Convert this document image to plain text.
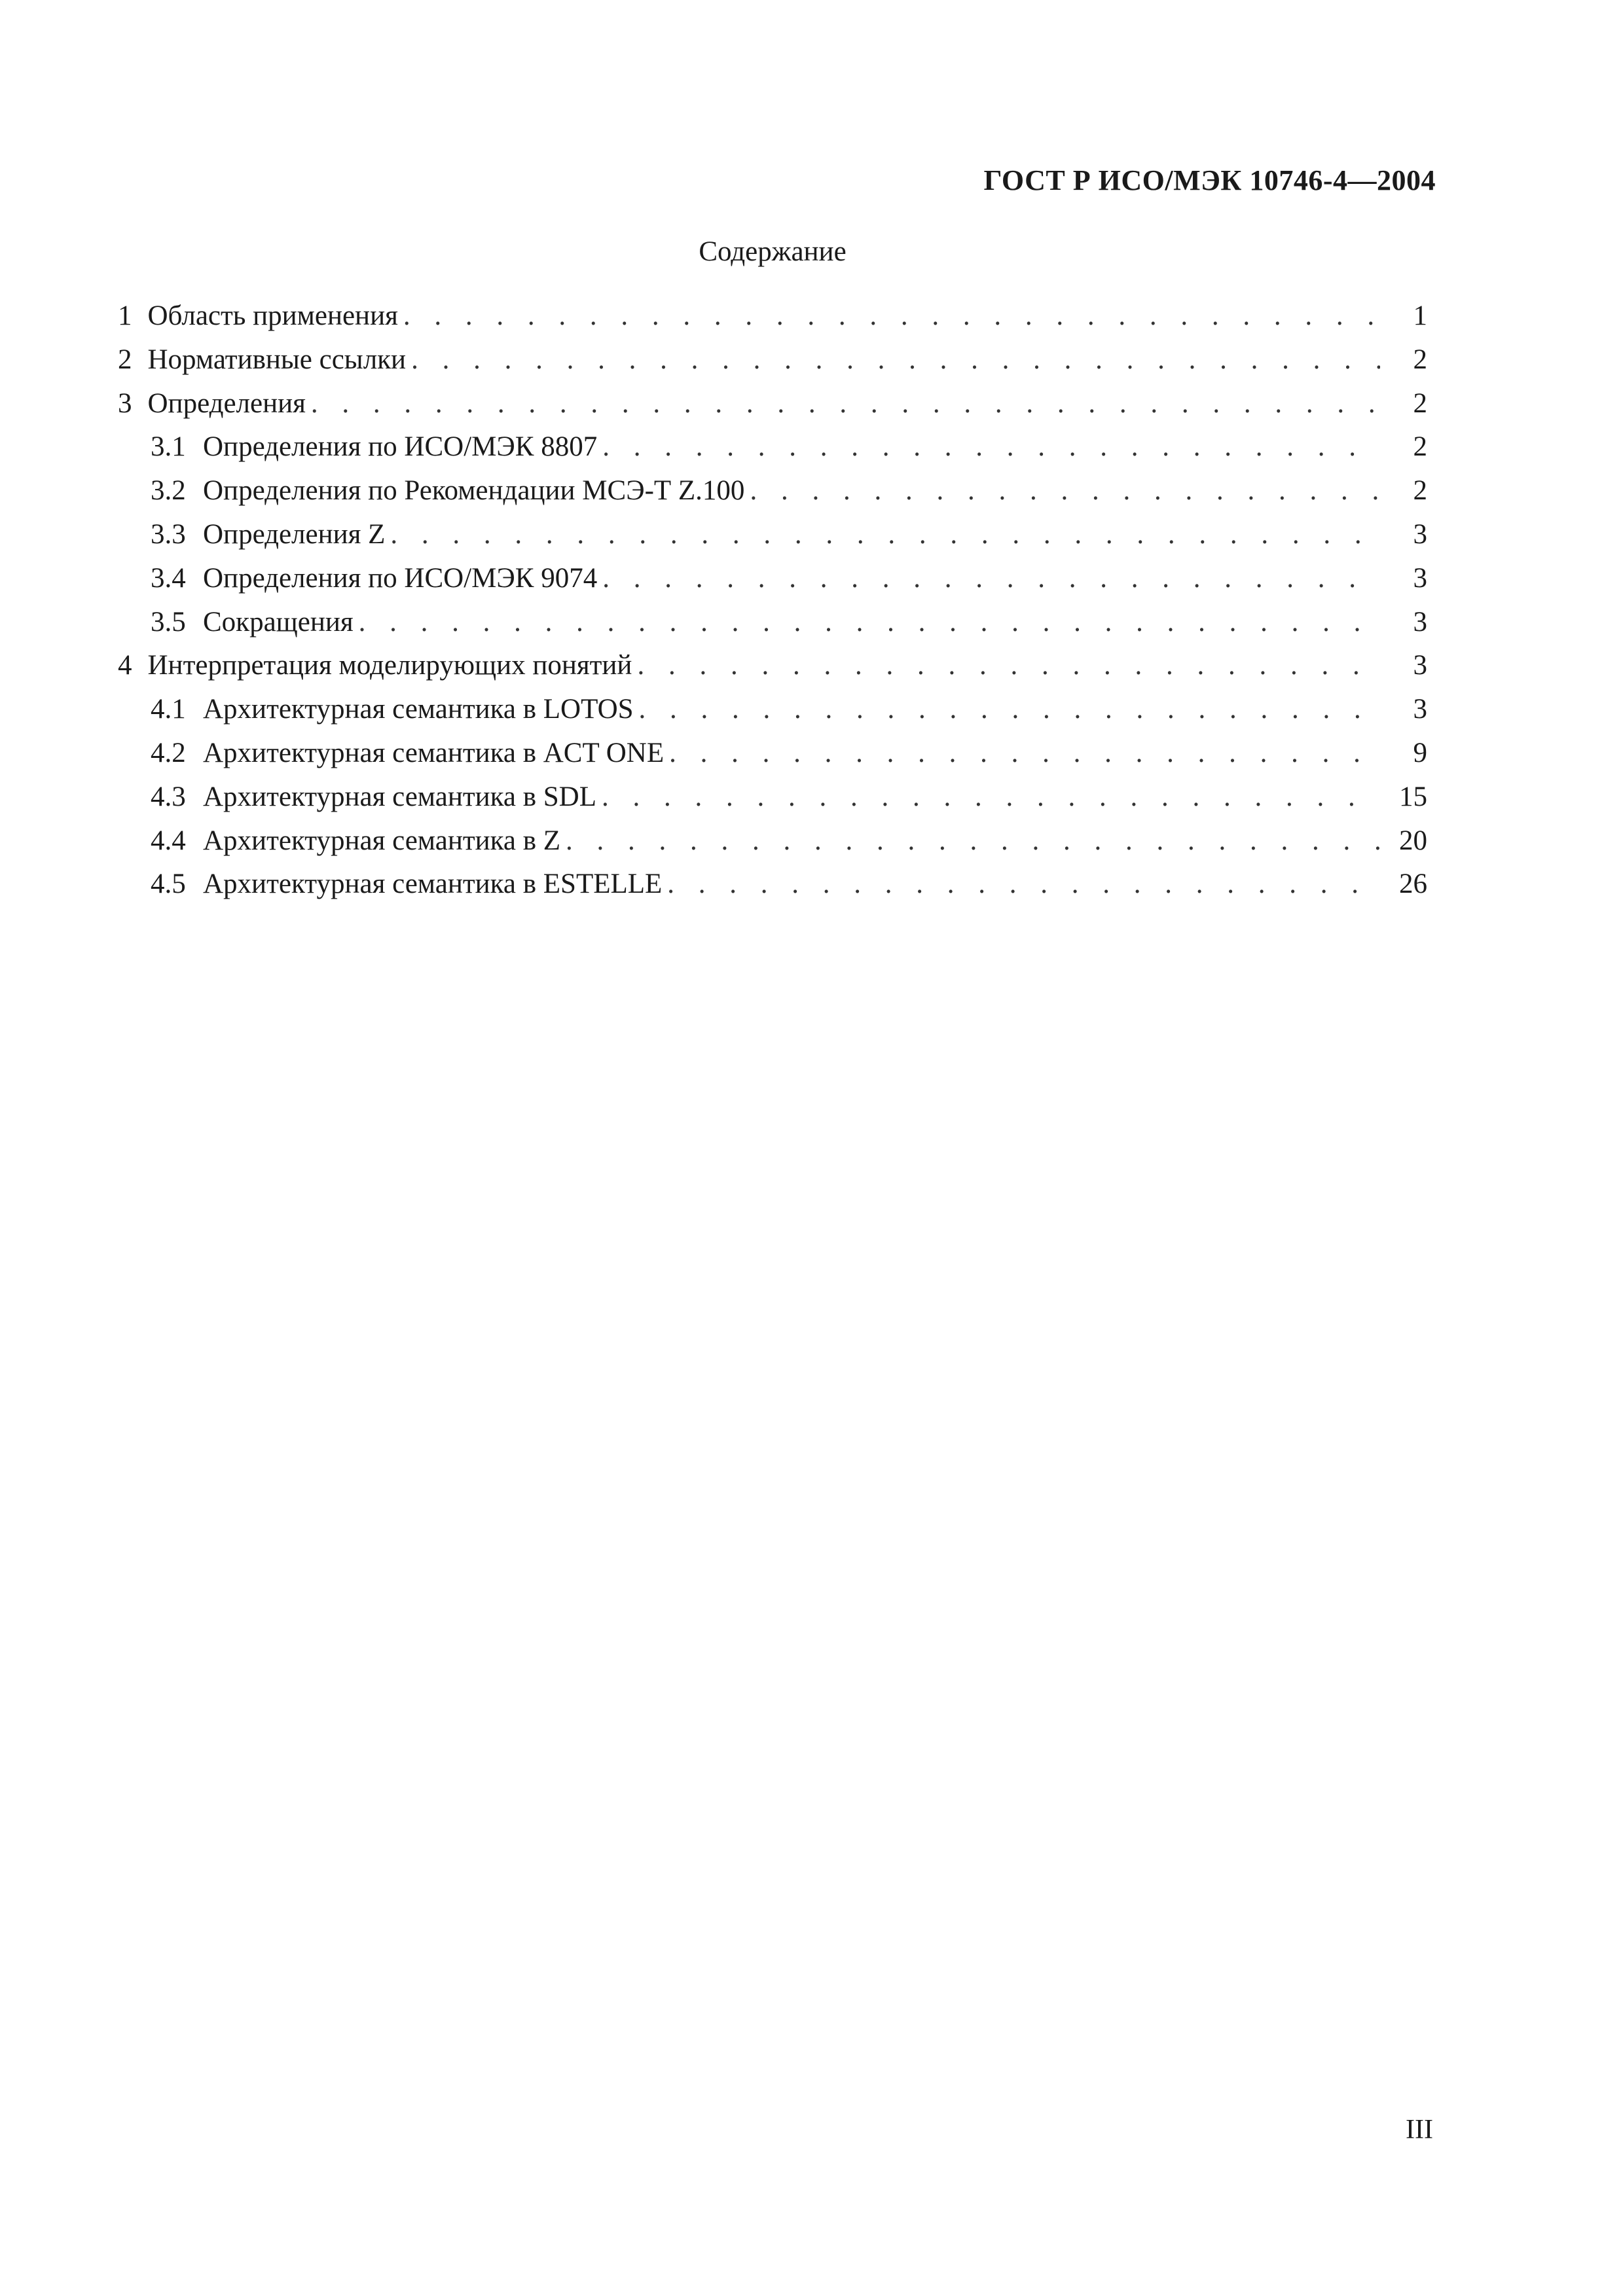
ГОСТ Р ИСО/МЭК 10746-4—2004
Содержание
1 Область применения . . .	1
2 Нормативные ссылки . . .	2
3 Определения . . .	2
3.1 Определения по ИСО/МЭК 8807 . . .	2
3.2 Определения по Рекомендации МСЭ-Т Z.100 . . .	2
3.3 Определения Z . . .	3
3.4 Определения по ИСО/МЭК 9074 . . .	3
3.5 Сокращения . . .	3
4 Интерпретация моделирующих понятий . . .	3
4.1 Архитектурная семантика в LOTOS . . .	3
4.2 Архитектурная семантика в ACT ONE . . .	9
4.3 Архитектурная семантика в SDL . . .	15
4.4 Архитектурная семантика в Z . . .	20
4.5 Архитектурная семантика в ESTELLE . . .	26
III
